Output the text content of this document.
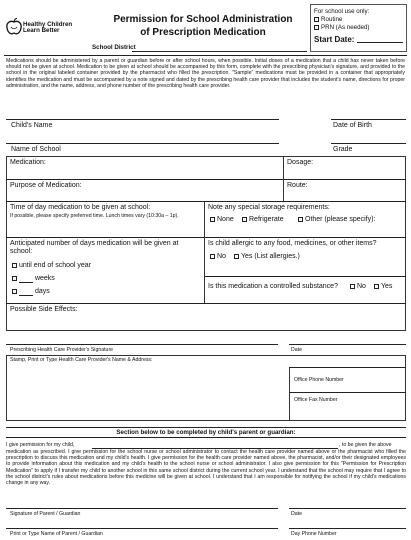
Healthy Children
Learn Better
Permission for School Administration
of Prescription Medication
School District
For school use only:
Routine
PRN (As needed)
Start Date:
Medications should be administered by a parent or guardian before or after school hours, when possible. Initial doses of a medication that a child has never taken before should not be given at school. Medication to be given at school should be accompanied by this form, complete with the prescribing physician's signature, and provided to the school in the original labeled container provided by the pharmacist who filled the prescription. "Sample" medications must be provided in a container that appropriately identifies the medication and must be accompanied by a note signed and dated by the prescribing health care provider that includes the student's name, directions for proper administration, and the name, address, and phone number of the prescribing health care provider.
Child's Name	Date of Birth
Name of School	Grade
Medication:	Dosage:
Purpose of Medication:	Route:
Time of day medication to be given at school:
If possible, please specify preferred time. Lunch times vary (10:30a – 1p).
Note any special storage requirements:
None	Refrigerate	Other (please specify):
Anticipated number of days medication will be given at school:
until end of school year
weeks
days
Is child allergic to any food, medicines, or other items?
No	Yes (List allergies.)
Is this medication a controlled substance?	No	Yes
Possible Side Effects:
Prescribing Health Care Provider's Signature	Date
Stamp, Print or Type Health Care Provider's Name & Address:
Office Phone Number
Office Fax Number
Section below to be completed by child's parent or guardian:
I give permission for my child,	, to be given the above
medication as prescribed. I give permission for the school nurse or school administrator to contact the health care provider named above or the pharmacist who filled the prescription to discuss this medication and my child's health. I give permission for the health care provider named above, the pharmacist, and/or their designated employees to provide information about this medication and my child's health to the school nurse or school administrator. I also give permission for this "Permission for Prescription Medication" to apply if I transfer my child to another school in this same school district during the current school year. I understand that the school may require that I agree to the school district's rules about medications before this medicine will be given at school. I understand that I am responsible for notifying the school if my child's medications change in any way.
Signature of Parent / Guardian	Date
Print or Type Name of Parent / Guardian	Day Phone Number
